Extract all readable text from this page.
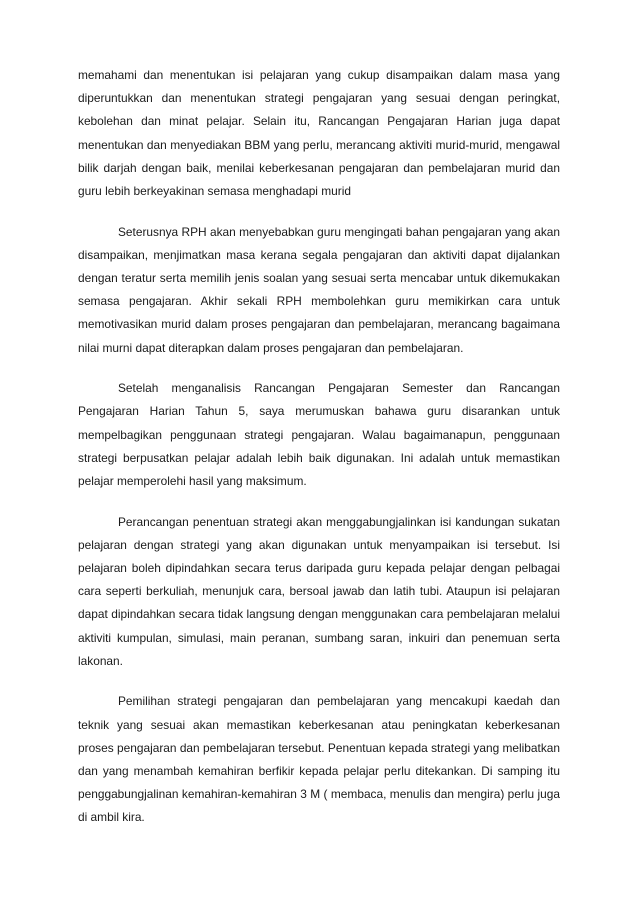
memahami dan menentukan isi pelajaran yang cukup disampaikan dalam masa yang diperuntukkan dan menentukan strategi pengajaran yang sesuai dengan peringkat, kebolehan dan minat pelajar. Selain itu, Rancangan Pengajaran Harian juga dapat menentukan dan menyediakan BBM yang perlu, merancang aktiviti murid-murid, mengawal bilik darjah dengan baik, menilai keberkesanan pengajaran dan pembelajaran murid dan guru lebih berkeyakinan semasa menghadapi murid

Seterusnya RPH akan menyebabkan guru mengingati bahan pengajaran yang akan disampaikan, menjimatkan masa kerana segala pengajaran dan aktiviti dapat dijalankan dengan teratur serta memilih jenis soalan yang sesuai serta mencabar untuk dikemukakan semasa pengajaran. Akhir sekali RPH membolehkan guru memikirkan cara untuk memotivasikan murid dalam proses pengajaran dan pembelajaran, merancang bagaimana nilai murni dapat diterapkan dalam proses pengajaran dan pembelajaran.

Setelah menganalisis Rancangan Pengajaran Semester dan Rancangan Pengajaran Harian Tahun 5, saya merumuskan bahawa guru disarankan untuk mempelbagikan penggunaan strategi pengajaran. Walau bagaimanapun, penggunaan strategi berpusatkan pelajar adalah lebih baik digunakan. Ini adalah untuk memastikan pelajar memperolehi hasil yang maksimum.

Perancangan penentuan strategi akan menggabungjalinkan isi kandungan sukatan pelajaran dengan strategi yang akan digunakan untuk menyampaikan isi tersebut. Isi pelajaran boleh dipindahkan secara terus daripada guru kepada pelajar dengan pelbagai cara seperti berkuliah, menunjuk cara, bersoal jawab dan latih tubi. Ataupun isi pelajaran dapat dipindahkan secara tidak langsung dengan menggunakan cara pembelajaran melalui aktiviti kumpulan, simulasi, main peranan, sumbang saran, inkuiri dan penemuan serta lakonan.

Pemilihan strategi pengajaran dan pembelajaran yang mencakupi kaedah dan teknik yang sesuai akan memastikan keberkesanan atau peningkatan keberkesanan proses pengajaran dan pembelajaran tersebut. Penentuan kepada strategi yang melibatkan dan yang menambah kemahiran berfikir kepada pelajar perlu ditekankan. Di samping itu penggabungjalinan kemahiran-kemahiran 3 M ( membaca, menulis dan mengira) perlu juga di ambil kira.
